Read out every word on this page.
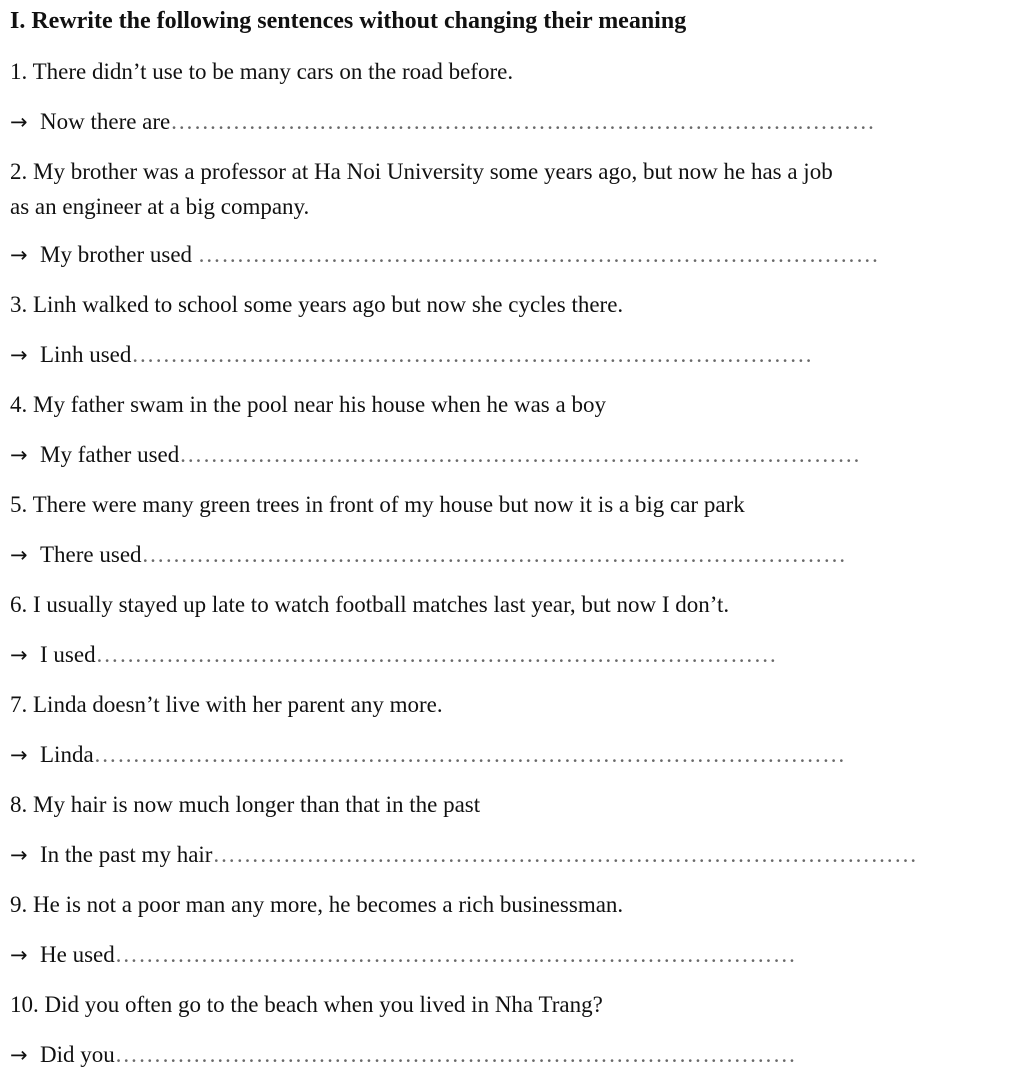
I. Rewrite the following sentences without changing their meaning
1. There didn’t use to be many cars on the road before.
→ Now there are………………………………………………………………………………
2. My brother was a professor at Ha Noi University some years ago, but now he has a job
as an engineer at a big company.
→ My brother used ……………………………………………………………………………
3. Linh walked to school some years ago but now she cycles there.
→ Linh used……………………………………………………………………………
4. My father swam in the pool near his house when he was a boy
→ My father used……………………………………………………………………………
5. There were many green trees in front of my house but now it is a big car park
→ There used………………………………………………………………………………
6. I usually stayed up late to watch football matches last year, but now I don’t.
→ I used……………………………………………………………………………
7. Linda doesn’t live with her parent any more.
→ Linda……………………………………………………………………………………
8. My hair is now much longer than that in the past
→ In the past my hair………………………………………………………………………………
9. He is not a poor man any more, he becomes a rich businessman.
→ He used……………………………………………………………………………
10. Did you often go to the beach when you lived in Nha Trang?
→ Did you……………………………………………………………………………
